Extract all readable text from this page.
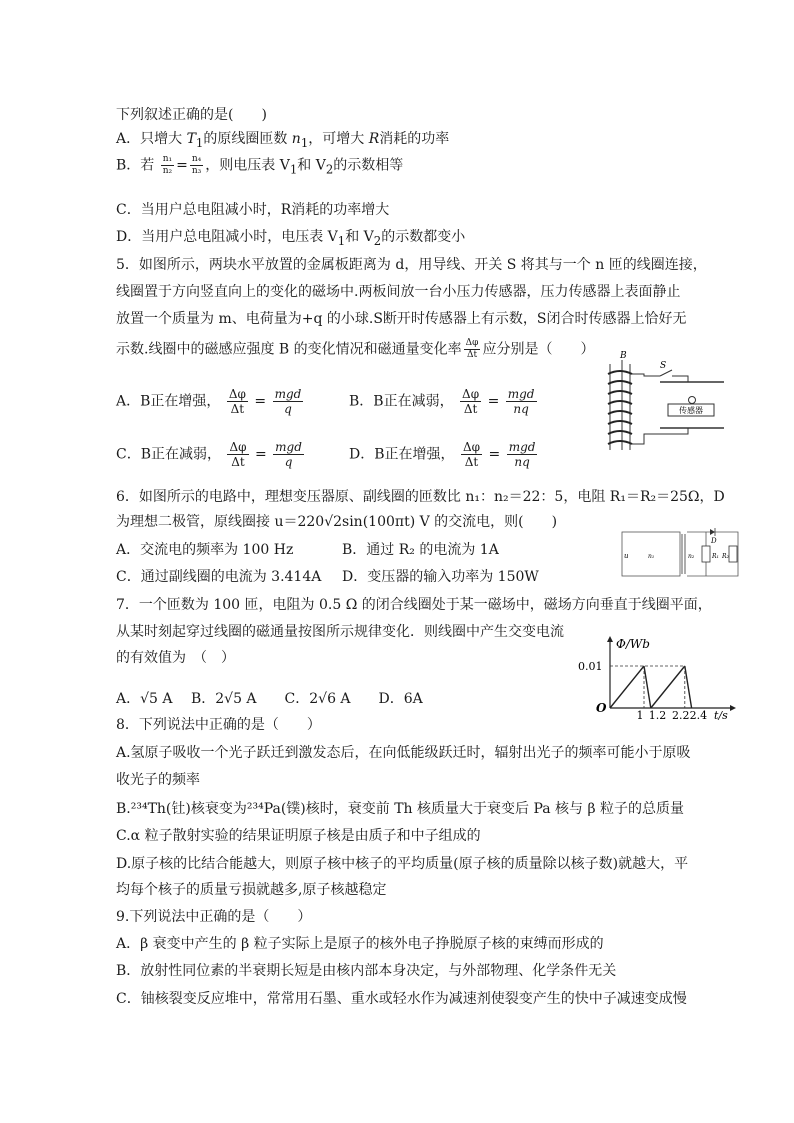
下列叙述正确的是(　　)
A．只增大 $T_1$的原线圈匝数 $n_1$，可增大 R消耗的功率
B．若 $\frac{\text{n₁}}{\text{n₂}} = \frac{\text{n₄}}{\text{n₃}}$ ，则电压表 $V_1$和 $V_2$的示数相等
C．当用户总电阻减小时，R消耗的功率增大
D．当用户总电阻减小时，电压表 $V_1$和 $V_2$的示数都变小
5．如图所示，两块水平放置的金属板距离为 d，用导线、开关 S 将其与一个 n 匝的线圈连接，
线圈置于方向竖直向上的变化的磁场中.两板间放一台小压力传感器，压力传感器上表面静止
放置一个质量为 m、电荷量为+q 的小球.S断开时传感器上有示数，S闭合时传感器上恰好无
示数.线圈中的磁感应强度 B 的变化情况和磁通量变化率 $\frac{\Delta\varphi}{\Delta t}$ 应分别是（　　）
A．B正在增强， $\frac{\Delta\varphi}{\Delta t} = \frac{\text{mgd}}{q}$	B．B正在减弱， $\frac{\Delta\varphi}{\Delta t} = \frac{\text{mgd}}{nq}$
C．B正在减弱， $\frac{\Delta\varphi}{\Delta t} = \frac{\text{mgd}}{q}$	D．B正在增强， $\frac{\Delta\varphi}{\Delta t} = \frac{\text{mgd}}{nq}$
B
S
传感器
6．如图所示的电路中，理想变压器原、副线圈的匝数比 n₁：n₂＝22：5，电阻 R₁＝R₂＝25Ω，D
为理想二极管，原线圈接 u＝220√2sin(100πt) V 的交流电，则(　　)
A．交流电的频率为 100 Hz	B．通过 R₂ 的电流为 1A
C．通过副线圈的电流为 3.414A D．变压器的输入功率为 150W
u	n₁	n₂
D
R₁ R₂
7．一个匝数为 100 匝，电阻为 0.5 Ω 的闭合线圈处于某一磁场中，磁场方向垂直于线圈平面，
从某时刻起穿过线圈的磁通量按图所示规律变化．则线圈中产生交变电流
的有效值为　（　）
A．√5 A　 B．2√5 A　　C．2√6 A　　D．6A
Φ/Wb
t/s
O
0.01
1 1.2 2.2 2.4
8．下列说法中正确的是（　　）
A.氢原子吸收一个光子跃迁到激发态后，在向低能级跃迁时，辐射出光子的频率可能小于原吸
收光子的频率
B.²³⁴Th(钍)核衰变为²³⁴Pa(镤)核时，衰变前 Th 核质量大于衰变后 Pa 核与 β 粒子的总质量
C.α 粒子散射实验的结果证明原子核是由质子和中子组成的
D.原子核的比结合能越大，则原子核中核子的平均质量(原子核的质量除以核子数)就越大，平
均每个核子的质量亏损就越多,原子核越稳定
9.下列说法中正确的是（　　）
A．β 衰变中产生的 β 粒子实际上是原子的核外电子挣脱原子核的束缚而形成的
B．放射性同位素的半衰期长短是由核内部本身决定，与外部物理、化学条件无关
C．铀核裂变反应堆中，常常用石墨、重水或轻水作为减速剂使裂变产生的快中子减速变成慢
